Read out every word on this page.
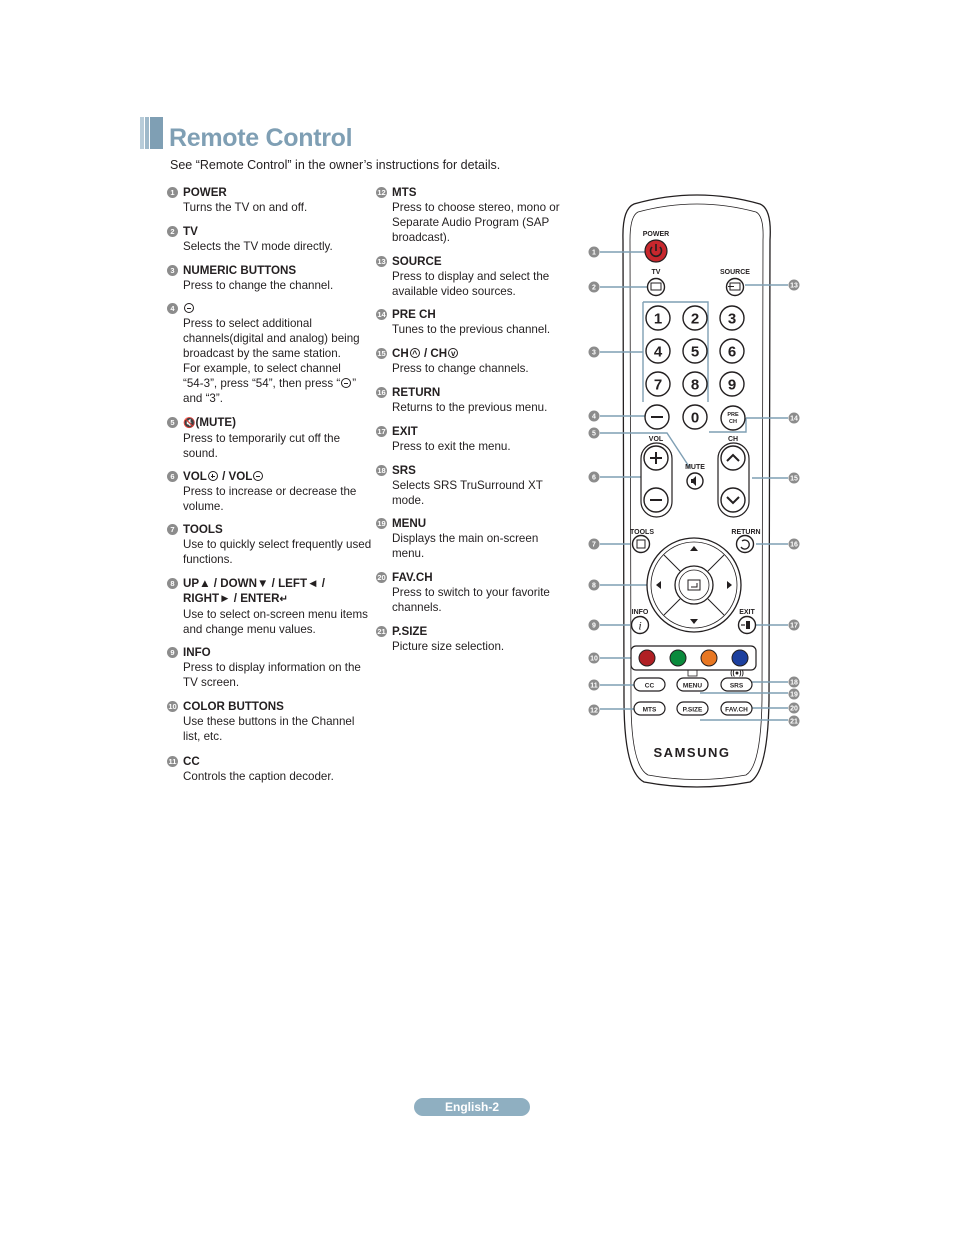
Remote Control
See “Remote Control” in the owner’s instructions for details.
1 POWER
Turns the TV on and off.
2 TV
Selects the TV mode directly.
3 NUMERIC BUTTONS
Press to change the channel.
4
Press to select additional
channels(digital and analog) being
broadcast by the same station.
For example, to select channel
“54-3”, press “54”, then press “ ”
and “3”.
5 🔇(MUTE)
Press to temporarily cut off the sound.
6 VOL / VOL
Press to increase or decrease the volume.
7 TOOLS
Use to quickly select frequently used functions.
8 UP▲ / DOWN▼ / LEFT◄ /
RIGHT► / ENTER↵
Use to select on-screen menu items and change menu values.
9 INFO
Press to display information on the TV screen.
10 COLOR BUTTONS
Use these buttons in the Channel list, etc.
11 CC
Controls the caption decoder.
12 MTS
Press to choose stereo, mono or Separate Audio Program (SAP broadcast).
13 SOURCE
Press to display and select the available video sources.
14 PRE CH
Tunes to the previous channel.
15 CH^ / CHv
Press to change channels.
16 RETURN
Returns to the previous menu.
17 EXIT
Press to exit the menu.
18 SRS
Selects SRS TruSurround XT mode.
19 MENU
Displays the main on-screen menu.
20 FAV.CH
Press to switch to your favorite channels.
21 P.SIZE
Picture size selection.
1
2
3
4
5
6
7
8
9
10
11
12
13
14
15
16
17
18
19
20
21
POWER
TV	SOURCE
1 2 3
4 5 6
7 8 9
0	PRE
CH
VOL	CH
MUTE
TOOLS	RETURN
INFO
i
EXIT
CC	MENU
((●))
SRS
MTS	P.SIZE	FAV.CH
SAMSUNG
English-2
